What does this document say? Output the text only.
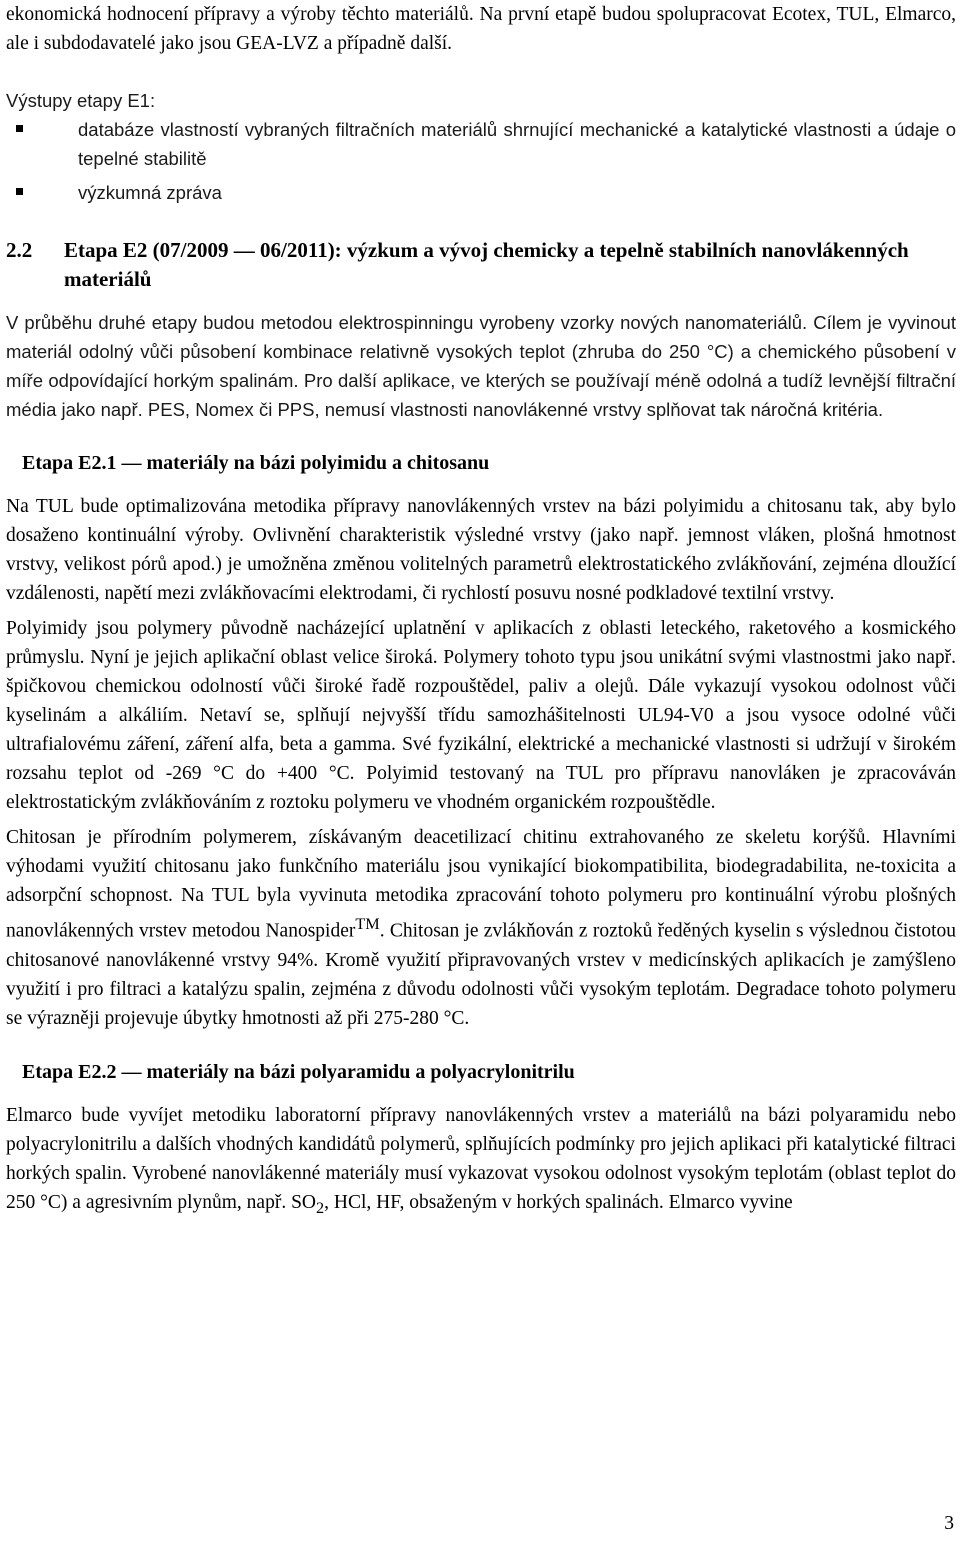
ekonomická hodnocení přípravy a výroby těchto materiálů. Na první etapě budou spolupracovat Ecotex, TUL, Elmarco, ale i subdodavatelé jako jsou GEA-LVZ a případně další.

Výstupy etapy E1:

databáze vlastností vybraných filtračních materiálů shrnující mechanické a katalytické vlastnosti a údaje o tepelné stabilitě
výzkumná zpráva
2.2	Etapa E2 (07/2009 — 06/2011): výzkum a vývoj chemicky a tepelně stabilních nanovlákenných materiálů

V průběhu druhé etapy budou metodou elektrospinningu vyrobeny vzorky nových nanomateriálů. Cílem je vyvinout materiál odolný vůči působení kombinace relativně vysokých teplot (zhruba do 250 °C) a chemického působení v míře odpovídající horkým spalinám. Pro další aplikace, ve kterých se používají méně odolná a tudíž levnější filtrační média jako např. PES, Nomex či PPS, nemusí vlastnosti nanovlákenné vrstvy splňovat tak náročná kritéria.

Etapa E2.1 — materiály na bázi polyimidu a chitosanu

Na TUL bude optimalizována metodika přípravy nanovlákenných vrstev na bázi polyimidu a chitosanu tak, aby bylo dosaženo kontinuální výroby. Ovlivnění charakteristik výsledné vrstvy (jako např. jemnost vláken, plošná hmotnost vrstvy, velikost pórů apod.) je umožněna změnou volitelných parametrů elektrostatického zvlákňování, zejména dloužící vzdálenosti, napětí mezi zvlákňovacími elektrodami, či rychlostí posuvu nosné podkladové textilní vrstvy.

Polyimidy jsou polymery původně nacházející uplatnění v aplikacích z oblasti leteckého, raketového a kosmického průmyslu. Nyní je jejich aplikační oblast velice široká. Polymery tohoto typu jsou unikátní svými vlastnostmi jako např. špičkovou chemickou odolností vůči široké řadě rozpouštědel, paliv a olejů. Dále vykazují vysokou odolnost vůči kyselinám a alkáliím. Netaví se, splňují nejvyšší třídu samozhášitelnosti UL94-V0 a jsou vysoce odolné vůči ultrafialovému záření, záření alfa, beta a gamma. Své fyzikální, elektrické a mechanické vlastnosti si udržují v širokém rozsahu teplot od -269 °C do +400 °C. Polyimid testovaný na TUL pro přípravu nanovláken je zpracováván elektrostatickým zvlákňováním z roztoku polymeru ve vhodném organickém rozpouštědle.

Chitosan je přírodním polymerem, získávaným deacetilizací chitinu extrahovaného ze skeletu korýšů. Hlavními výhodami využití chitosanu jako funkčního materiálu jsou vynikající biokompatibilita, biodegradabilita, ne-toxicita a adsorpční schopnost. Na TUL byla vyvinuta metodika zpracování tohoto polymeru pro kontinuální výrobu plošných nanovlákenných vrstev metodou Nanospider™. Chitosan je zvlákňován z roztoků ředěných kyselin s výslednou čistotou chitosanové nanovlákenné vrstvy 94%. Kromě využití připravovaných vrstev v medicínských aplikacích je zamýšleno využití i pro filtraci a katalýzu spalin, zejména z důvodu odolnosti vůči vysokým teplotám. Degradace tohoto polymeru se výrazněji projevuje úbytky hmotnosti až při 275-280 °C.

Etapa E2.2 — materiály na bázi polyaramidu a polyacrylonitrilu

Elmarco bude vyvíjet metodiku laboratorní přípravy nanovlákenných vrstev a materiálů na bázi polyaramidu nebo polyacrylonitrilu a dalších vhodných kandidátů polymerů, splňujících podmínky pro jejich aplikaci při katalytické filtraci horkých spalin. Vyrobené nanovlákenné materiály musí vykazovat vysokou odolnost vysokým teplotám (oblast teplot do 250 °C) a agresivním plynům, např. $SO_2$, HCl, HF, obsaženým v horkých spalinách. Elmarco vyvine

3
